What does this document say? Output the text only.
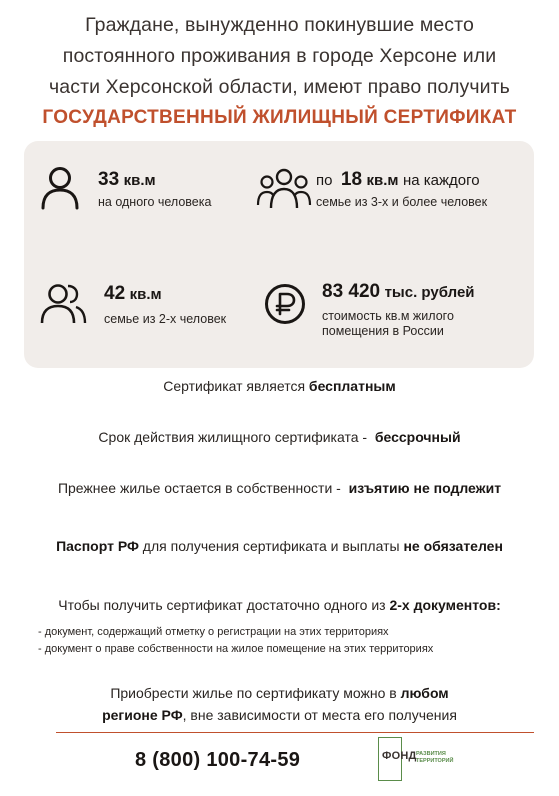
Граждане, вынужденно покинувшие место
постоянного проживания в городе Херсоне или
части Херсонской области, имеют право получить
ГОСУДАРСТВЕННЫЙ ЖИЛИЩНЫЙ СЕРТИФИКАТ
33 кв.м
на одного человека
по 18 кв.м на каждого
семье из 3-х и более человек
42 кв.м
семье из 2-х человек
83 420 тыс. рублей
стоимость кв.м жилого
помещения в России
Сертификат является бесплатным
Срок действия жилищного сертификата -  бессрочный
Прежнее жилье остается в собственности -  изъятию не подлежит
Паспорт РФ для получения сертификата и выплаты не обязателен
Чтобы получить сертификат достаточно одного из 2-х документов:
- документ, содержащий отметку о регистрации на этих территориях
- документ о праве собственности на жилое помещение на этих территориях
Приобрести жилье по сертификату можно в любом
регионе РФ, вне зависимости от места его получения
8 (800) 100-74-59	ФОНД РАЗВИТИЯ
ТЕРРИТОРИЙ
